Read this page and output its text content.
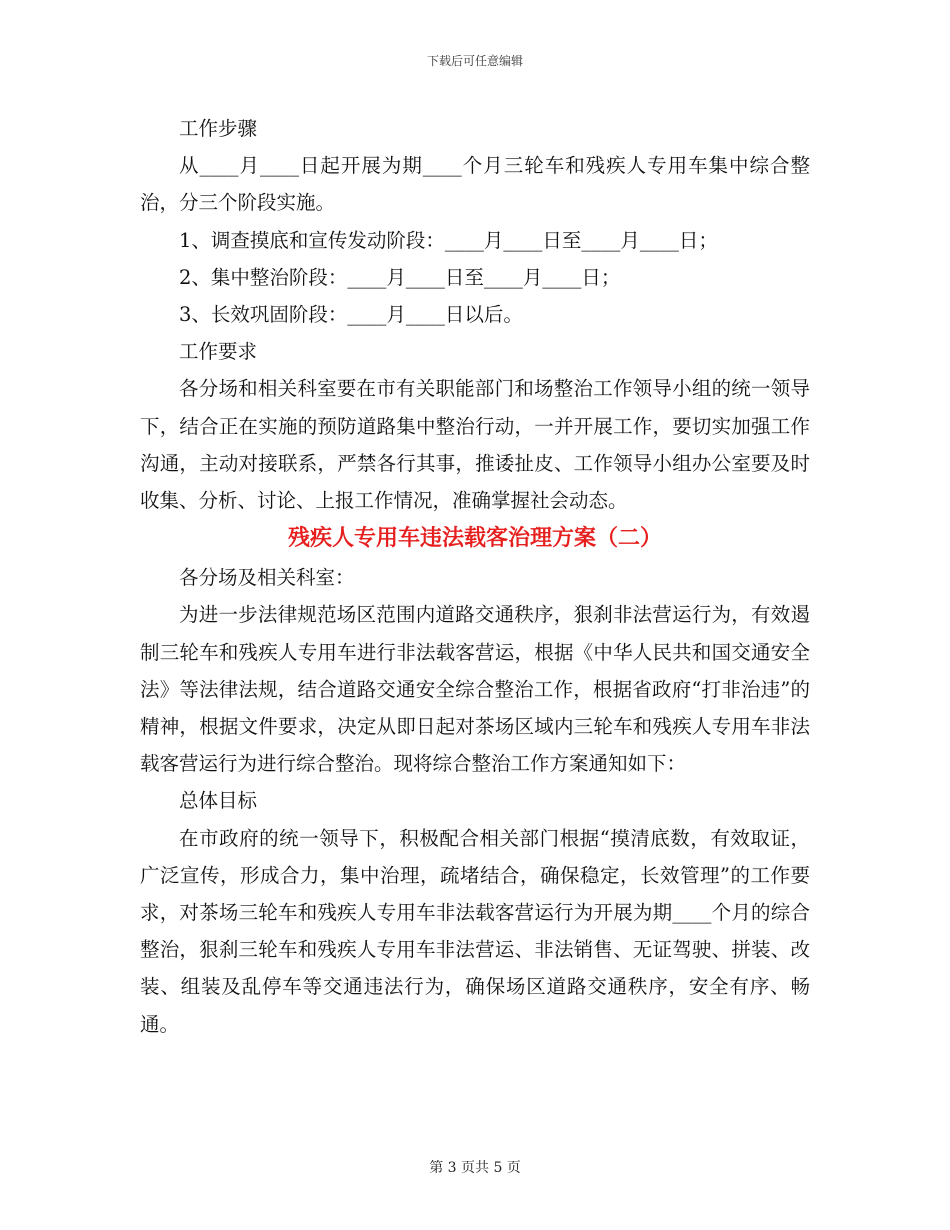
下载后可任意编辑

工作步骤

从____月____日起开展为期____个月三轮车和残疾人专用车集中综合整治，分三个阶段实施。

1、调查摸底和宣传发动阶段：____月____日至____月____日；

2、集中整治阶段：____月____日至____月____日；

3、长效巩固阶段：____月____日以后。

工作要求

各分场和相关科室要在市有关职能部门和场整治工作领导小组的统一领导下，结合正在实施的预防道路集中整治行动，一并开展工作，要切实加强工作沟通，主动对接联系，严禁各行其事，推诿扯皮、工作领导小组办公室要及时收集、分析、讨论、上报工作情况，准确掌握社会动态。

残疾人专用车违法载客治理方案（二）

各分场及相关科室：

为进一步法律规范场区范围内道路交通秩序，狠刹非法营运行为，有效遏制三轮车和残疾人专用车进行非法载客营运，根据《中华人民共和国交通安全法》等法律法规，结合道路交通安全综合整治工作，根据省政府“打非治违”的精神，根据文件要求，决定从即日起对茶场区域内三轮车和残疾人专用车非法载客营运行为进行综合整治。现将综合整治工作方案通知如下：

总体目标

在市政府的统一领导下，积极配合相关部门根据“摸清底数，有效取证，广泛宣传，形成合力，集中治理，疏堵结合，确保稳定，长效管理”的工作要求，对茶场三轮车和残疾人专用车非法载客营运行为开展为期____个月的综合整治，狠刹三轮车和残疾人专用车非法营运、非法销售、无证驾驶、拼装、改装、组装及乱停车等交通违法行为，确保场区道路交通秩序，安全有序、畅通。

第 3 页共 5 页
